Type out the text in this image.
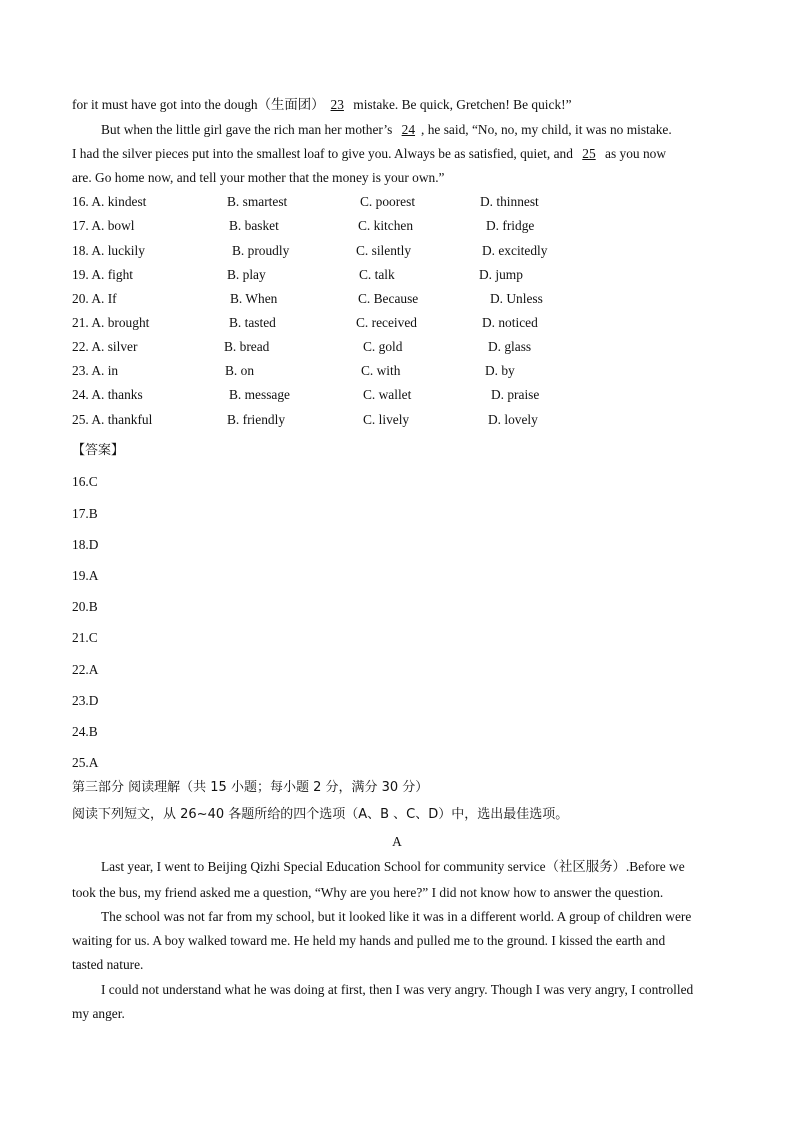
for it must have got into the dough（生面团） 23 mistake. Be quick, Gretchen! Be quick!”
But when the little girl gave the rich man her mother’s 24 , he said, “No, no, my child, it was no mistake.
I had the silver pieces put into the smallest loaf to give you. Always be as satisfied, quiet, and 25 as you now
are. Go home now, and tell your mother that the money is your own.”
16. A. kindest	B. smartest	C. poorest	D. thinnest
17. A. bowl	B. basket	C. kitchen	D. fridge
18. A. luckily	B. proudly	C. silently	D. excitedly
19. A. fight	B. play	C. talk	D. jump
20. A. If	B. When	C. Because	D. Unless
21. A. brought	B. tasted	C. received	D. noticed
22. A. silver	B. bread	C. gold	D. glass
23. A. in	B. on	C. with	D. by
24. A. thanks	B. message	C. wallet	D. praise
25. A. thankful	B. friendly	C. lively	D. lovely
【答案】
16.C
17.B
18.D
19.A
20.B
21.C
22.A
23.D
24.B
25.A
第三部分 阅读理解（共 15 小题；每小题 2 分，满分 30 分）
阅读下列短文，从 26~40 各题所给的四个选项（A、B 、C、D）中，选出最佳选项。
A
Last year, I went to Beijing Qizhi Special Education School for community service（社区服务）.Before we
took the bus, my friend asked me a question, “Why are you here?” I did not know how to answer the question.
The school was not far from my school, but it looked like it was in a different world. A group of children were
waiting for us. A boy walked toward me. He held my hands and pulled me to the ground. I kissed the earth and
tasted nature.
I could not understand what he was doing at first, then I was very angry. Though I was very angry, I controlled
my anger.
